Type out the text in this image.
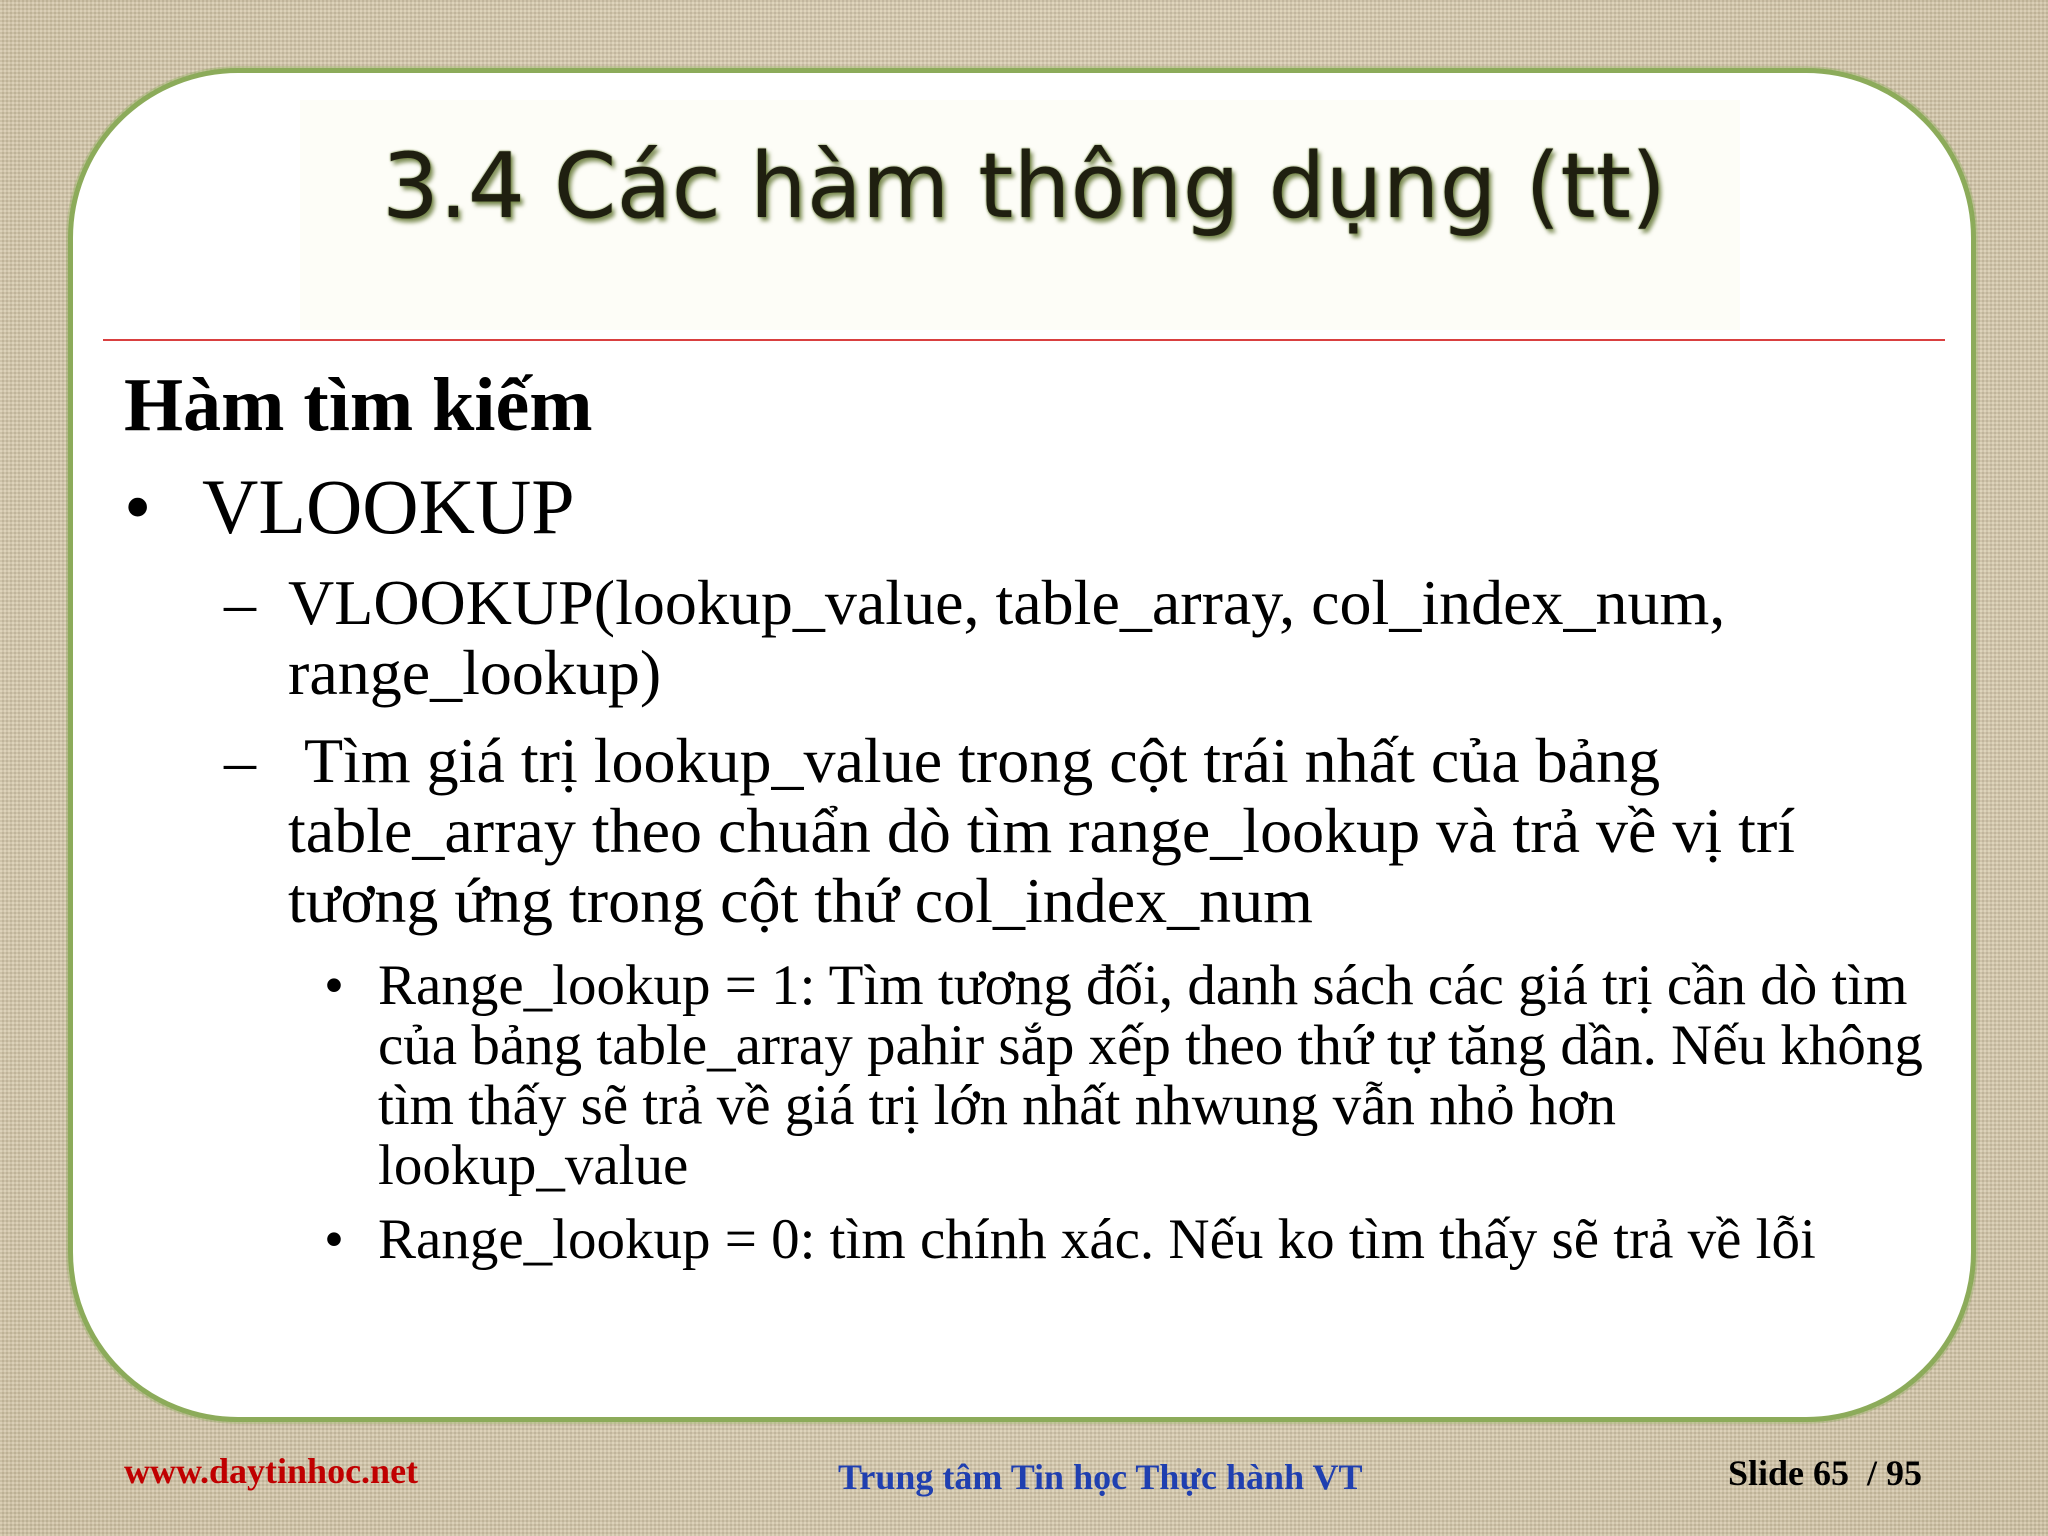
3.4 Các hàm thông dụng (tt)
Hàm tìm kiếm
• VLOOKUP
– VLOOKUP(lookup_value, table_array, col_index_num, range_lookup)
– Tìm giá trị lookup_value trong cột trái nhất của bảng table_array theo chuẩn dò tìm range_lookup và trả về vị trí tương ứng trong cột thứ col_index_num
• Range_lookup = 1: Tìm tương đối, danh sách các giá trị cần dò tìm của bảng table_array pahir sắp xếp theo thứ tự tăng dần. Nếu không tìm thấy sẽ trả về giá trị lớn nhất nhwung vẫn nhỏ hơn lookup_value
• Range_lookup = 0: tìm chính xác. Nếu ko tìm thấy sẽ trả về lỗi
www.daytinhoc.net	Trung tâm Tin học Thực hành VT	Slide 65  / 95
